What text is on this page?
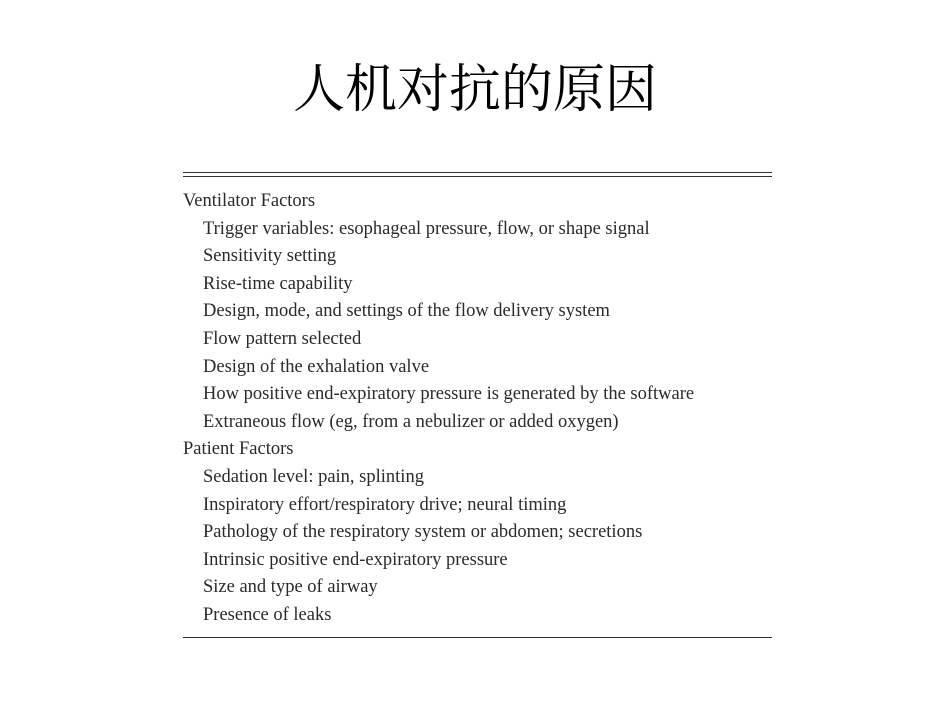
人机对抗的原因
Ventilator Factors
Trigger variables: esophageal pressure, flow, or shape signal
Sensitivity setting
Rise-time capability
Design, mode, and settings of the flow delivery system
Flow pattern selected
Design of the exhalation valve
How positive end-expiratory pressure is generated by the software
Extraneous flow (eg, from a nebulizer or added oxygen)
Patient Factors
Sedation level: pain, splinting
Inspiratory effort/respiratory drive; neural timing
Pathology of the respiratory system or abdomen; secretions
Intrinsic positive end-expiratory pressure
Size and type of airway
Presence of leaks
